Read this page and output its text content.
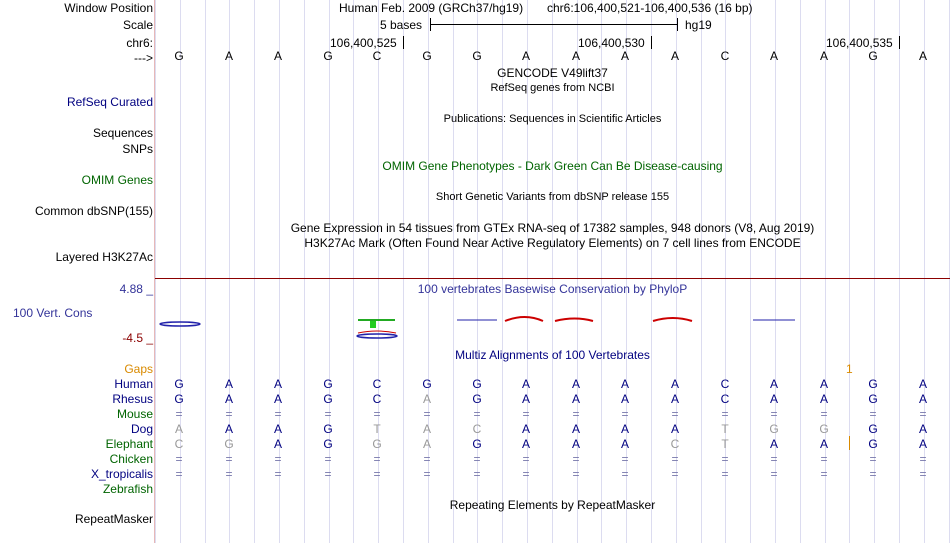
Window Position	Human Feb. 2009 (GRCh37/hg19) chr6:106,400,521-106,400,536 (16 bp)
Scale	5 bases	hg19
chr6:	106,400,525	106,400,530	106,400,535
--->	G	A	A	G	C	G	G	A	A	A	A	C	A	A	G	A
GENCODE V49lift37
RefSeq genes from NCBI
RefSeq Curated
Publications: Sequences in Scientific Articles
Sequences
SNPs
OMIM Gene Phenotypes - Dark Green Can Be Disease-causing
OMIM Genes
Short Genetic Variants from dbSNP release 155
Common dbSNP(155)
Gene Expression in 54 tissues from GTEx RNA-seq of 17382 samples, 948 donors (V8, Aug 2019)
H3K27Ac Mark (Often Found Near Active Regulatory Elements) on 7 cell lines from ENCODE
Layered H3K27Ac
100 vertebrates Basewise Conservation by PhyloP
4.88 _
100 Vert. Cons
-4.5 _
Multiz Alignments of 100 Vertebrates
Gaps	1
Human	G	A	A	G	C	G	G	A	A	A	A	C	A	A	G	A
Rhesus	G	A	A	G	C	A	G	A	A	A	A	C	A	A	G	A
Mouse	=	=	=	=	=	=	=	=	=	=	=	=	=	=	=	=
Dog	A	A	A	G	T	A	C	A	A	A	A	T	G	G	G	A
Elephant	C	G	A	G	G	A	G	A	A	A	C	T	A	A	G	A
Chicken	=	=	=	=	=	=	=	=	=	=	=	=	=	=	=	=
X_tropicalis	=	=	=	=	=	=	=	=	=	=	=	=	=	=	=	=
Zebrafish
Repeating Elements by RepeatMasker
RepeatMasker
